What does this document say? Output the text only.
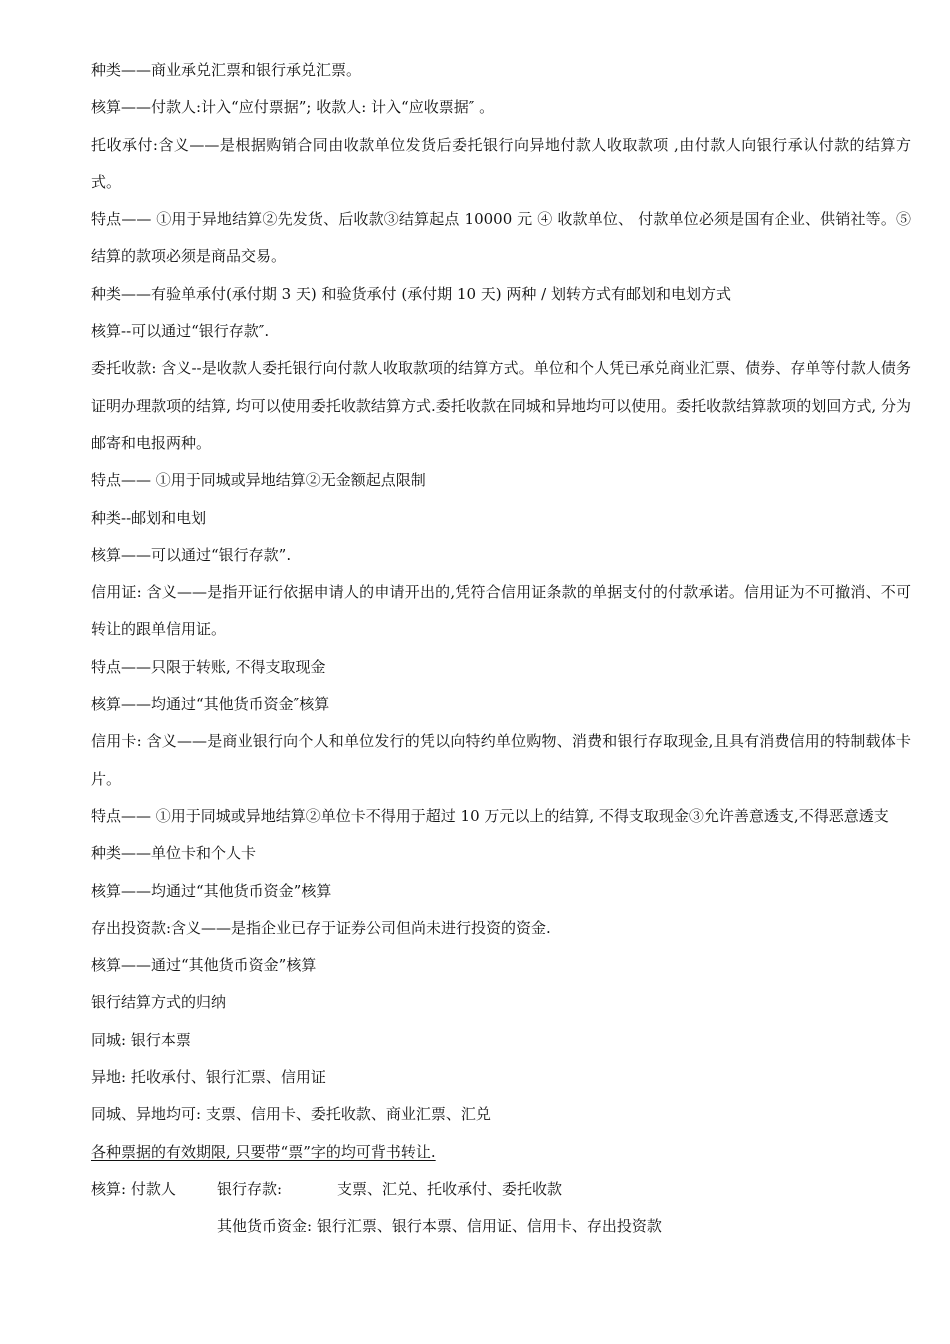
种类——商业承兑汇票和银行承兑汇票。
核算——付款人:计入“应付票据”; 收款人: 计入“应收票据″ 。
托收承付:含义——是根据购销合同由收款单位发货后委托银行向异地付款人收取款项 ,由付款人向银行承认付款的结算方式。
特点—— ①用于异地结算②先发货、后收款③结算起点 10000 元 ④ 收款单位、 付款单位必须是国有企业、供销社等。⑤结算的款项必须是商品交易。
种类——有验单承付(承付期 3 天) 和验货承付 (承付期 10 天) 两种 / 划转方式有邮划和电划方式
核算--可以通过“银行存款″.
委托收款: 含义--是收款人委托银行向付款人收取款项的结算方式。单位和个人凭已承兑商业汇票、债券、存单等付款人债务证明办理款项的结算, 均可以使用委托收款结算方式.委托收款在同城和异地均可以使用。委托收款结算款项的划回方式, 分为邮寄和电报两种。
特点—— ①用于同城或异地结算②无金额起点限制
种类--邮划和电划
核算——可以通过“银行存款”.
信用证: 含义——是指开证行依据申请人的申请开出的,凭符合信用证条款的单据支付的付款承诺。信用证为不可撤消、不可转让的跟单信用证。
特点——只限于转账, 不得支取现金
核算——均通过“其他货币资金″核算
信用卡: 含义——是商业银行向个人和单位发行的凭以向特约单位购物、消费和银行存取现金,且具有消费信用的特制载体卡片。
特点—— ①用于同城或异地结算②单位卡不得用于超过 10 万元以上的结算, 不得支取现金③允许善意透支,不得恶意透支
种类——单位卡和个人卡
核算——均通过“其他货币资金”核算
存出投资款:含义——是指企业已存于证券公司但尚未进行投资的资金.
核算——通过“其他货币资金”核算
银行结算方式的归纳
同城: 银行本票
异地: 托收承付、银行汇票、信用证
同城、异地均可: 支票、信用卡、委托收款、商业汇票、汇兑
各种票据的有效期限, 只要带“票”字的均可背书转让.
核算: 付款人	银行存款:	支票、汇兑、托收承付、委托收款
其他货币资金: 银行汇票、银行本票、信用证、信用卡、存出投资款
